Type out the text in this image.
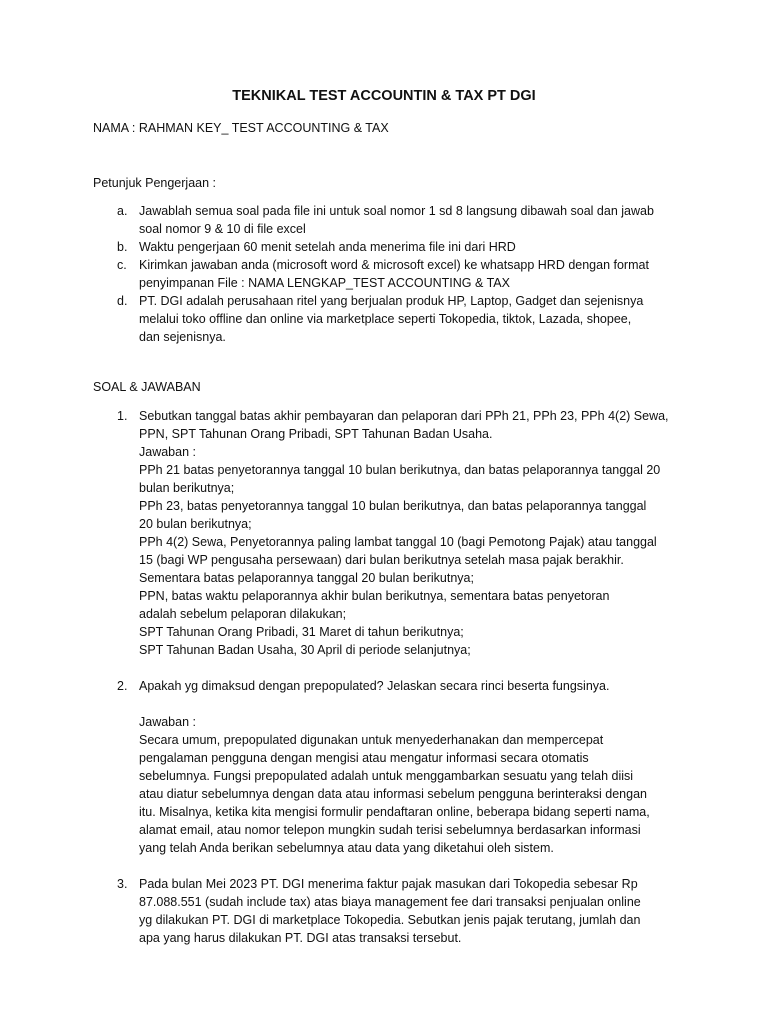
TEKNIKAL TEST ACCOUNTIN & TAX PT DGI
NAMA : RAHMAN KEY_ TEST ACCOUNTING & TAX
Petunjuk Pengerjaan :
a. Jawablah semua soal pada file ini untuk soal nomor 1 sd 8 langsung dibawah soal dan jawab

soal nomor 9 & 10 di file excel

b. Waktu pengerjaan 60 menit setelah anda menerima file ini dari HRD

c. Kirimkan jawaban anda (microsoft word & microsoft excel) ke whatsapp HRD dengan format

penyimpanan File : NAMA LENGKAP_TEST ACCOUNTING & TAX

d. PT. DGI adalah perusahaan ritel yang berjualan produk HP, Laptop, Gadget dan sejenisnya

melalui toko offline dan online via marketplace seperti Tokopedia, tiktok, Lazada, shopee,

dan sejenisnya.

SOAL & JAWABAN
1. Sebutkan tanggal batas akhir pembayaran dan pelaporan dari PPh 21, PPh 23, PPh 4(2) Sewa,

PPN, SPT Tahunan Orang Pribadi, SPT Tahunan Badan Usaha.

Jawaban :

PPh 21 batas penyetorannya tanggal 10 bulan berikutnya, dan batas pelaporannya tanggal 20

bulan berikutnya;

PPh 23, batas penyetorannya tanggal 10 bulan berikutnya, dan batas pelaporannya tanggal

20 bulan berikutnya;

PPh 4(2) Sewa, Penyetorannya paling lambat tanggal 10 (bagi Pemotong Pajak) atau tanggal

15 (bagi WP pengusaha persewaan) dari bulan berikutnya setelah masa pajak berakhir.

Sementara batas pelaporannya tanggal 20 bulan berikutnya;

PPN, batas waktu pelaporannya akhir bulan berikutnya, sementara batas penyetoran

adalah sebelum pelaporan dilakukan;

SPT Tahunan Orang Pribadi, 31 Maret di tahun berikutnya;

SPT Tahunan Badan Usaha, 30 April di periode selanjutnya;

2. Apakah yg dimaksud dengan prepopulated? Jelaskan secara rinci beserta fungsinya.

Jawaban :

Secara umum, prepopulated digunakan untuk menyederhanakan dan mempercepat

pengalaman pengguna dengan mengisi atau mengatur informasi secara otomatis

sebelumnya. Fungsi prepopulated adalah untuk menggambarkan sesuatu yang telah diisi

atau diatur sebelumnya dengan data atau informasi sebelum pengguna berinteraksi dengan

itu. Misalnya, ketika kita mengisi formulir pendaftaran online, beberapa bidang seperti nama,

alamat email, atau nomor telepon mungkin sudah terisi sebelumnya berdasarkan informasi

yang telah Anda berikan sebelumnya atau data yang diketahui oleh sistem.

3. Pada bulan Mei 2023 PT. DGI menerima faktur pajak masukan dari Tokopedia sebesar Rp

87.088.551 (sudah include tax) atas biaya management fee dari transaksi penjualan online

yg dilakukan PT. DGI di marketplace Tokopedia. Sebutkan jenis pajak terutang, jumlah dan

apa yang harus dilakukan PT. DGI atas transaksi tersebut.
